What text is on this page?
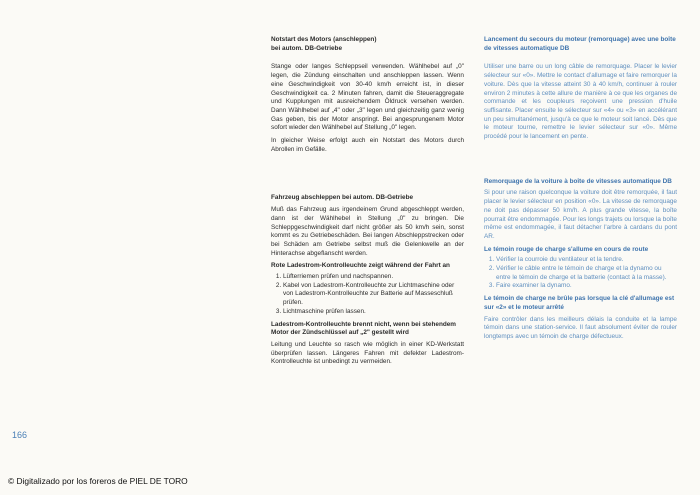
Notstart des Motors (anschleppen)

bei autom. DB-Getriebe

Stange oder langes Schleppseil verwenden. Wählhebel auf „0" legen, die Zündung einschalten und anschleppen lassen. Wenn eine Geschwindigkeit von 30-40 km/h erreicht ist, in dieser Geschwindigkeit ca. 2 Minuten fahren, damit die Steueraggregate und Kupplungen mit ausreichendem Öldruck versehen werden. Dann Wählhebel auf „4" oder „3" legen und gleichzeitig ganz wenig Gas geben, bis der Motor anspringt. Bei angesprungenem Motor sofort wieder den Wählhebel auf Stellung „0" legen.

In gleicher Weise erfolgt auch ein Notstart des Motors durch Abrollen im Gefälle.

Fahrzeug abschleppen bei autom. DB-Getriebe

Muß das Fahrzeug aus irgendeinem Grund abgeschleppt werden, dann ist der Wählhebel in Stellung „0" zu bringen. Die Schleppgeschwindigkeit darf nicht größer als 50 km/h sein, sonst kommt es zu Getriebeschäden. Bei langen Abschleppstrecken oder bei Schäden am Getriebe selbst muß die Gelenkwelle an der Hinterachse abgeflanscht werden.

Rote Ladestrom-Kontrolleuchte zeigt während der Fahrt an

1. Lüfterriemen prüfen und nachspannen.
2. Kabel von Ladestrom-Kontrolleuchte zur Lichtmaschine oder von Ladestrom-Kontrolleuchte zur Batterie auf Masseschluß prüfen.
3. Lichtmaschine prüfen lassen.

Ladestrom-Kontrolleuchte brennt nicht, wenn bei stehendem Motor der Zündschlüssel auf „2" gestellt wird

Leitung und Leuchte so rasch wie möglich in einer KD-Werkstatt überprüfen lassen. Längeres Fahren mit defekter Ladestrom-Kontrolleuchte ist unbedingt zu vermeiden.

Lancement du secours du moteur (remorquage) avec une boîte de vitesses automatique DB

Utiliser une barre ou un long câble de remorquage. Placer le levier sélecteur sur «0». Mettre le contact d'allumage et faire remorquer la voiture. Dès que la vitesse atteint 30 à 40 km/h, continuer à rouler environ 2 minutes à cette allure de manière à ce que les organes de commande et les coupleurs reçoivent une pression d'huile suffisante. Placer ensuite le sélecteur sur «4» ou «3» en accélérant un peu simultanément, jusqu'à ce que le moteur soit lancé. Dès que le moteur tourne, remettre le levier sélecteur sur «0». Même procédé pour le lancement en pente.

Remorquage de la voiture à boîte de vitesses automatique DB

Si pour une raison quelconque la voiture doit être remorquée, il faut placer le levier sélecteur en position «0». La vitesse de remorquage ne doit pas dépasser 50 km/h. A plus grande vitesse, la boîte pourrait être endommagée. Pour les longs trajets ou lorsque la boîte même est endommagée, il faut détacher l'arbre à cardans du pont AR.

Le témoin rouge de charge s'allume en cours de route

1. Vérifier la courroie du ventilateur et la tendre.
2. Vérifier le câble entre le témoin de charge et la dynamo ou entre le témoin de charge et la batterie (contact à la masse).
3. Faire examiner la dynamo.

Le témoin de charge ne brûle pas lorsque la clé d'allumage est sur «2» et le moteur arrêté

Faire contrôler dans les meilleurs délais la conduite et la lampe témoin dans une station-service. Il faut absolument éviter de rouler longtemps avec un témoin de charge défectueux.

166
© Digitalizado por los foreros de PIEL DE TORO
